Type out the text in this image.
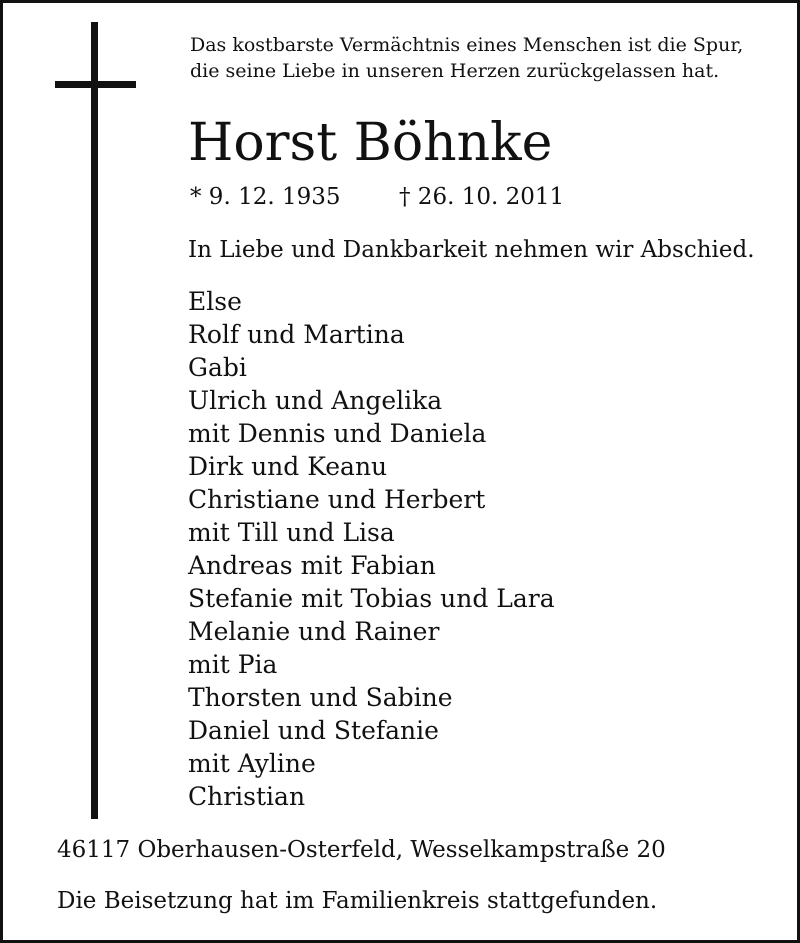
Das kostbarste Vermächtnis eines Menschen ist die Spur,
die seine Liebe in unseren Herzen zurückgelassen hat.
Horst Böhnke
* 9. 12. 1935	† 26. 10. 2011
In Liebe und Dankbarkeit nehmen wir Abschied.
Else
Rolf und Martina
Gabi
Ulrich und Angelika
mit Dennis und Daniela
Dirk und Keanu
Christiane und Herbert
mit Till und Lisa
Andreas mit Fabian
Stefanie mit Tobias und Lara
Melanie und Rainer
mit Pia
Thorsten und Sabine
Daniel und Stefanie
mit Ayline
Christian
46117 Oberhausen-Osterfeld, Wesselkampstraße 20
Die Beisetzung hat im Familienkreis stattgefunden.
